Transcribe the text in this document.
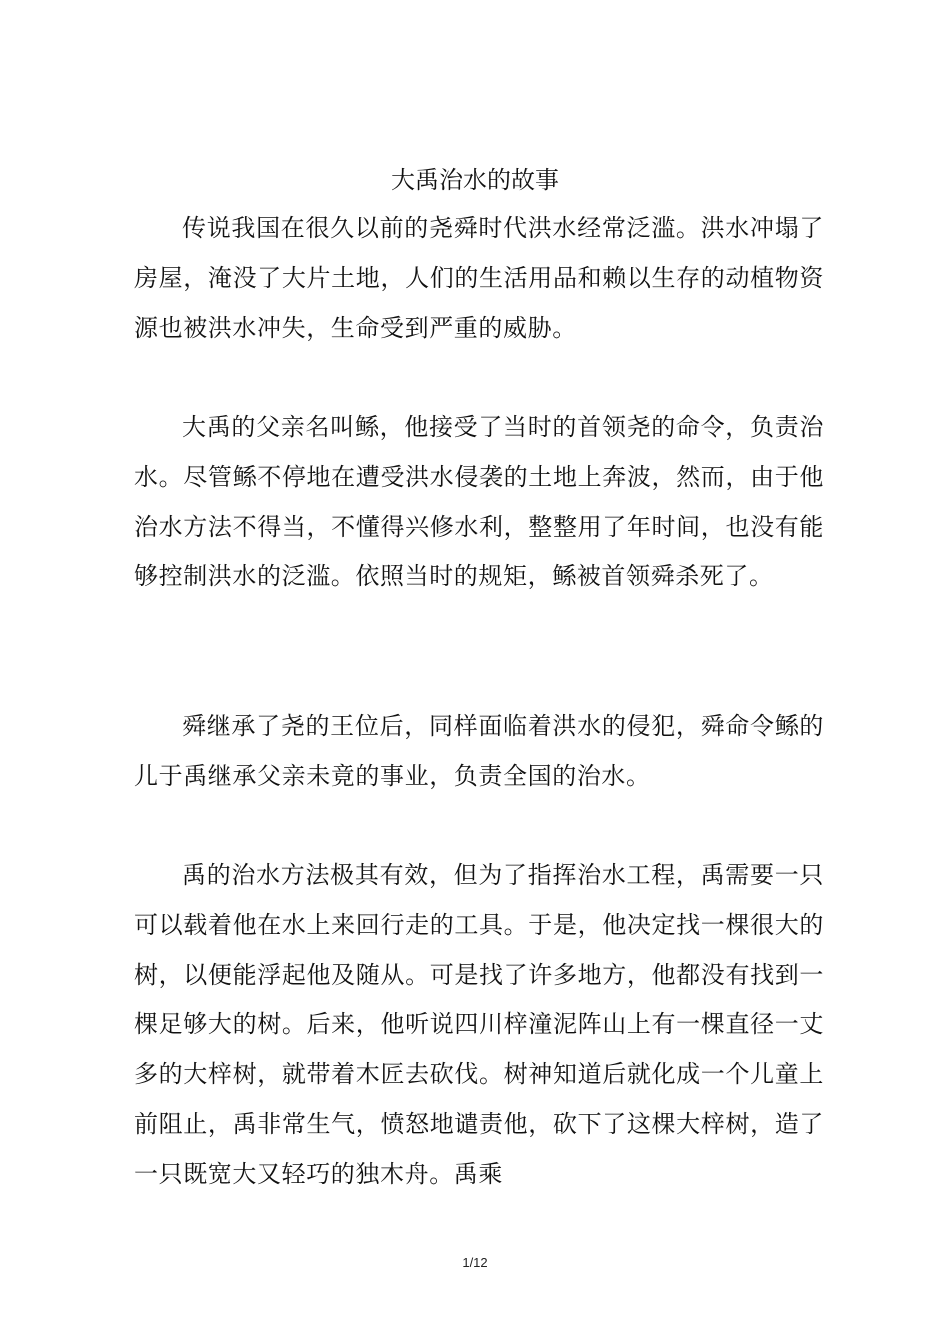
大禹治水的故事

传说我国在很久以前的尧舜时代洪水经常泛滥。洪水冲塌了房屋，淹没了大片土地，人们的生活用品和赖以生存的动植物资源也被洪水冲失，生命受到严重的威胁。

大禹的父亲名叫鲧，他接受了当时的首领尧的命令，负责治水。尽管鲧不停地在遭受洪水侵袭的土地上奔波，然而，由于他治水方法不得当，不懂得兴修水利，整整用了年时间，也没有能够控制洪水的泛滥。依照当时的规矩，鲧被首领舜杀死了。

舜继承了尧的王位后，同样面临着洪水的侵犯，舜命令鲧的儿于禹继承父亲未竟的事业，负责全国的治水。

禹的治水方法极其有效，但为了指挥治水工程，禹需要一只可以载着他在水上来回行走的工具。于是，他决定找一棵很大的树，以便能浮起他及随从。可是找了许多地方，他都没有找到一棵足够大的树。后来，他听说四川梓潼泥阵山上有一棵直径一丈多的大梓树，就带着木匠去砍伐。树神知道后就化成一个儿童上前阻止，禹非常生气，愤怒地谴责他，砍下了这棵大梓树，造了一只既宽大又轻巧的独木舟。禹乘

1/12
